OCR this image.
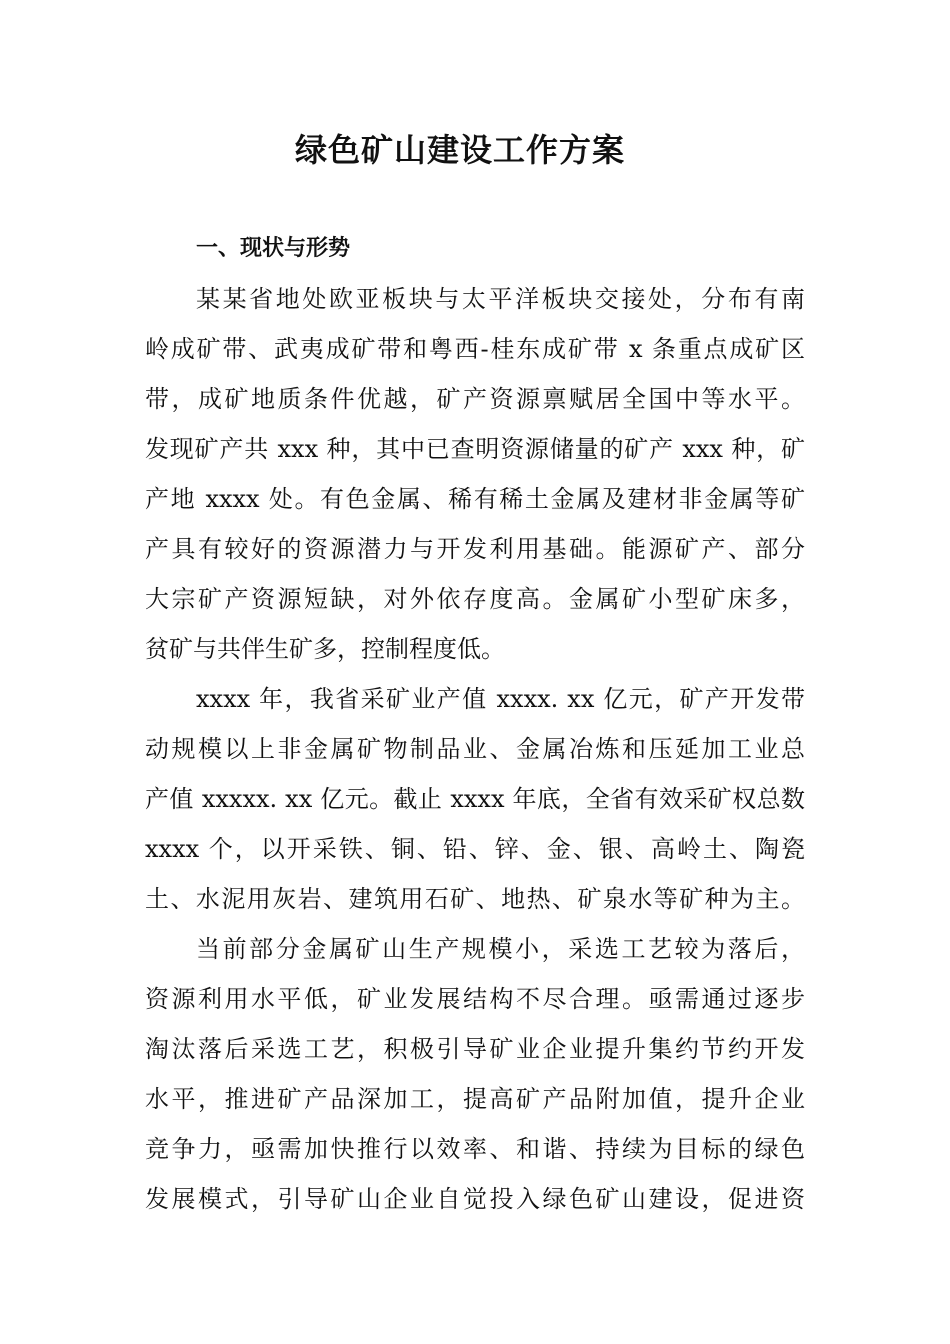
绿色矿山建设工作方案
一、现状与形势
某某省地处欧亚板块与太平洋板块交接处，分布有南
岭成矿带、武夷成矿带和粤西-桂东成矿带 x 条重点成矿区
带，成矿地质条件优越，矿产资源禀赋居全国中等水平。
发现矿产共 xxx 种，其中已查明资源储量的矿产 xxx 种，矿
产地 xxxx 处。有色金属、稀有稀土金属及建材非金属等矿
产具有较好的资源潜力与开发利用基础。能源矿产、部分
大宗矿产资源短缺，对外依存度高。金属矿小型矿床多，
贫矿与共伴生矿多，控制程度低。
xxxx 年，我省采矿业产值 xxxx. xx 亿元，矿产开发带
动规模以上非金属矿物制品业、金属冶炼和压延加工业总
产值 xxxxx. xx 亿元。截止 xxxx 年底，全省有效采矿权总数
xxxx 个，以开采铁、铜、铅、锌、金、银、高岭土、陶瓷
土、水泥用灰岩、建筑用石矿、地热、矿泉水等矿种为主。
当前部分金属矿山生产规模小，采选工艺较为落后，
资源利用水平低，矿业发展结构不尽合理。亟需通过逐步
淘汰落后采选工艺，积极引导矿业企业提升集约节约开发
水平，推进矿产品深加工，提高矿产品附加值，提升企业
竞争力，亟需加快推行以效率、和谐、持续为目标的绿色
发展模式，引导矿山企业自觉投入绿色矿山建设，促进资
